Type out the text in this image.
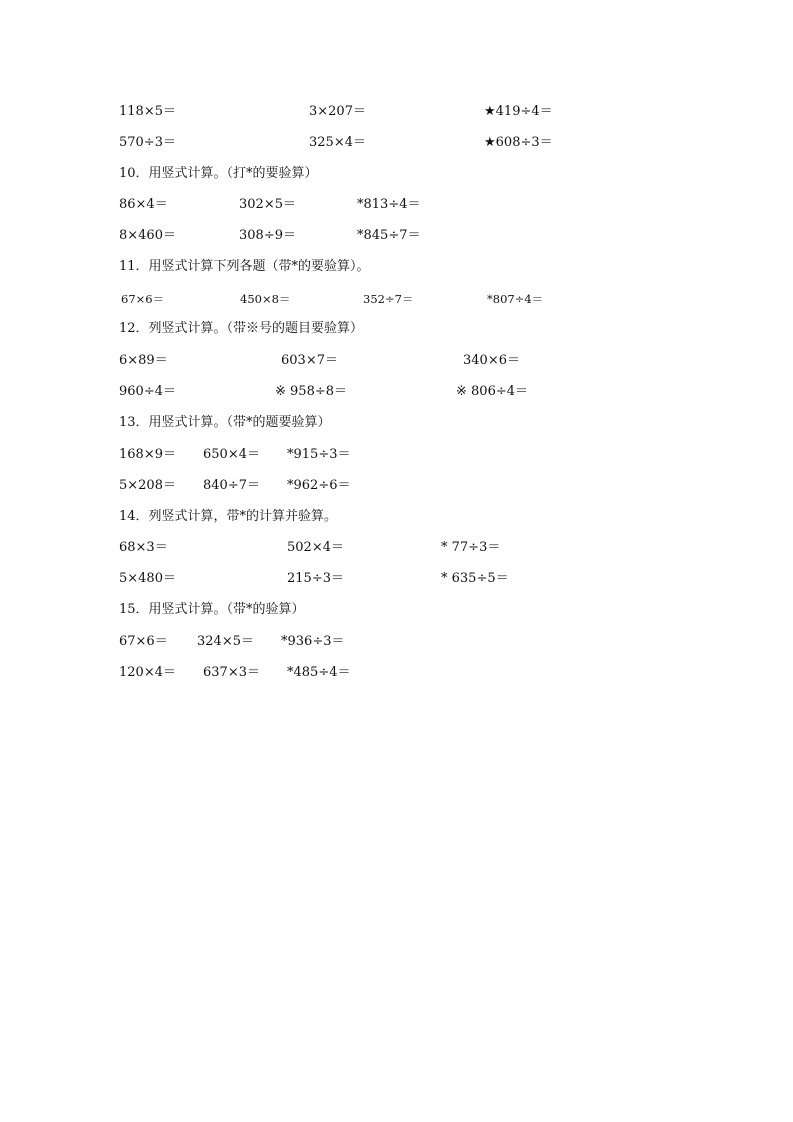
118×5＝	3×207＝	★419÷4＝
570÷3＝	325×4＝	★608÷3＝
10．用竖式计算。（打*的要验算）
86×4＝	302×5＝	*813÷4＝
8×460＝	308÷9＝	*845÷7＝
11．用竖式计算下列各题（带*的要验算）。
67×6＝	450×8＝	352÷7＝	*807÷4＝
12．列竖式计算。（带※号的题目要验算）
6×89＝	603×7＝	340×6＝
960÷4＝	※ 958÷8＝	※ 806÷4＝
13．用竖式计算。（带*的题要验算）
168×9＝ 650×4＝ *915÷3＝
5×208＝ 840÷7＝ *962÷6＝
14．列竖式计算，带*的计算并验算。
68×3＝	502×4＝	* 77÷3＝
5×480＝	215÷3＝	* 635÷5＝
15．用竖式计算。（带*的验算）
67×6＝ 324×5＝ *936÷3＝
120×4＝ 637×3＝ *485÷4＝
